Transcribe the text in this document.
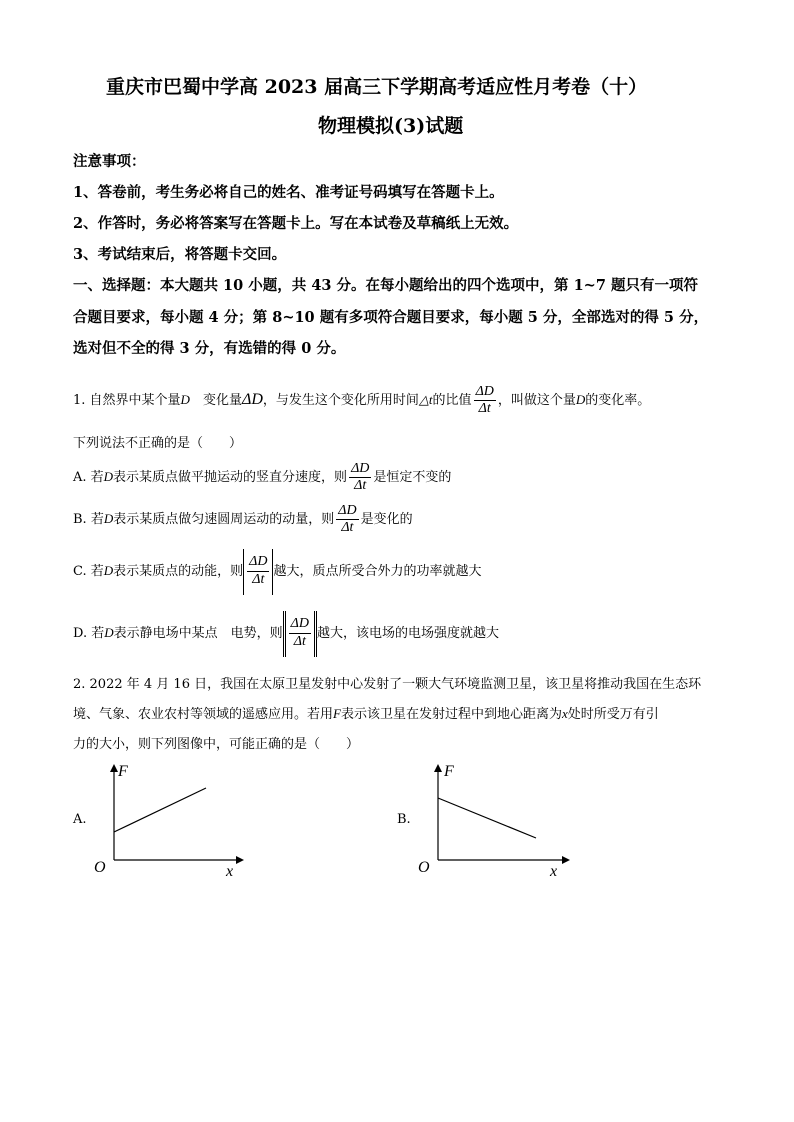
重庆市巴蜀中学高 2023 届高三下学期高考适应性月考卷（十）
物理模拟(3)试题
注意事项：
1、答卷前，考生务必将自己的姓名、准考证号码填写在答题卡上。
2、作答时，务必将答案写在答题卡上。写在本试卷及草稿纸上无效。
3、考试结束后，将答题卡交回。
一、选择题：本大题共 10 小题，共 43 分。在每小题给出的四个选项中，第 1~7 题只有一项符
合题目要求，每小题 4 分；第 8~10 题有多项符合题目要求，每小题 5 分，全部选对的得 5 分，
选对但不全的得 3 分，有选错的得 0 分。
1. 自然界中某个量D　 变化量ΔD，与发生这个变化所用时间△t的比值 $\frac{\Delta D}{\Delta t}$ ，叫做这个量D的变化率。
下列说法不正确的是（　　）
A. 若D表示某质点做平抛运动的竖直分速度，则 $\frac{\Delta D}{\Delta t}$ 是恒定不变的
B. 若D表示某质点做匀速圆周运动的动量，则 $\frac{\Delta D}{\Delta t}$ 是变化的
C. 若D表示某质点的动能，则 $\frac{\Delta D}{\Delta t}$ 越大，质点所受合外力的功率就越大
D. 若D表示静电场中某点　电势，则 $\frac{\Delta D}{\Delta t}$ 越大，该电场的电场强度就越大
2. 2022 年 4 月 16 日，我国在太原卫星发射中心发射了一颗大气环境监测卫星，该卫星将推动我国在生态环
境、气象、农业农村等领域的遥感应用。若用F表示该卫星在发射过程中到地心距离为x处时所受万有引
力的大小，则下列图像中，可能正确的是（　　）
A.
F
x
O
B.
F
x
O
